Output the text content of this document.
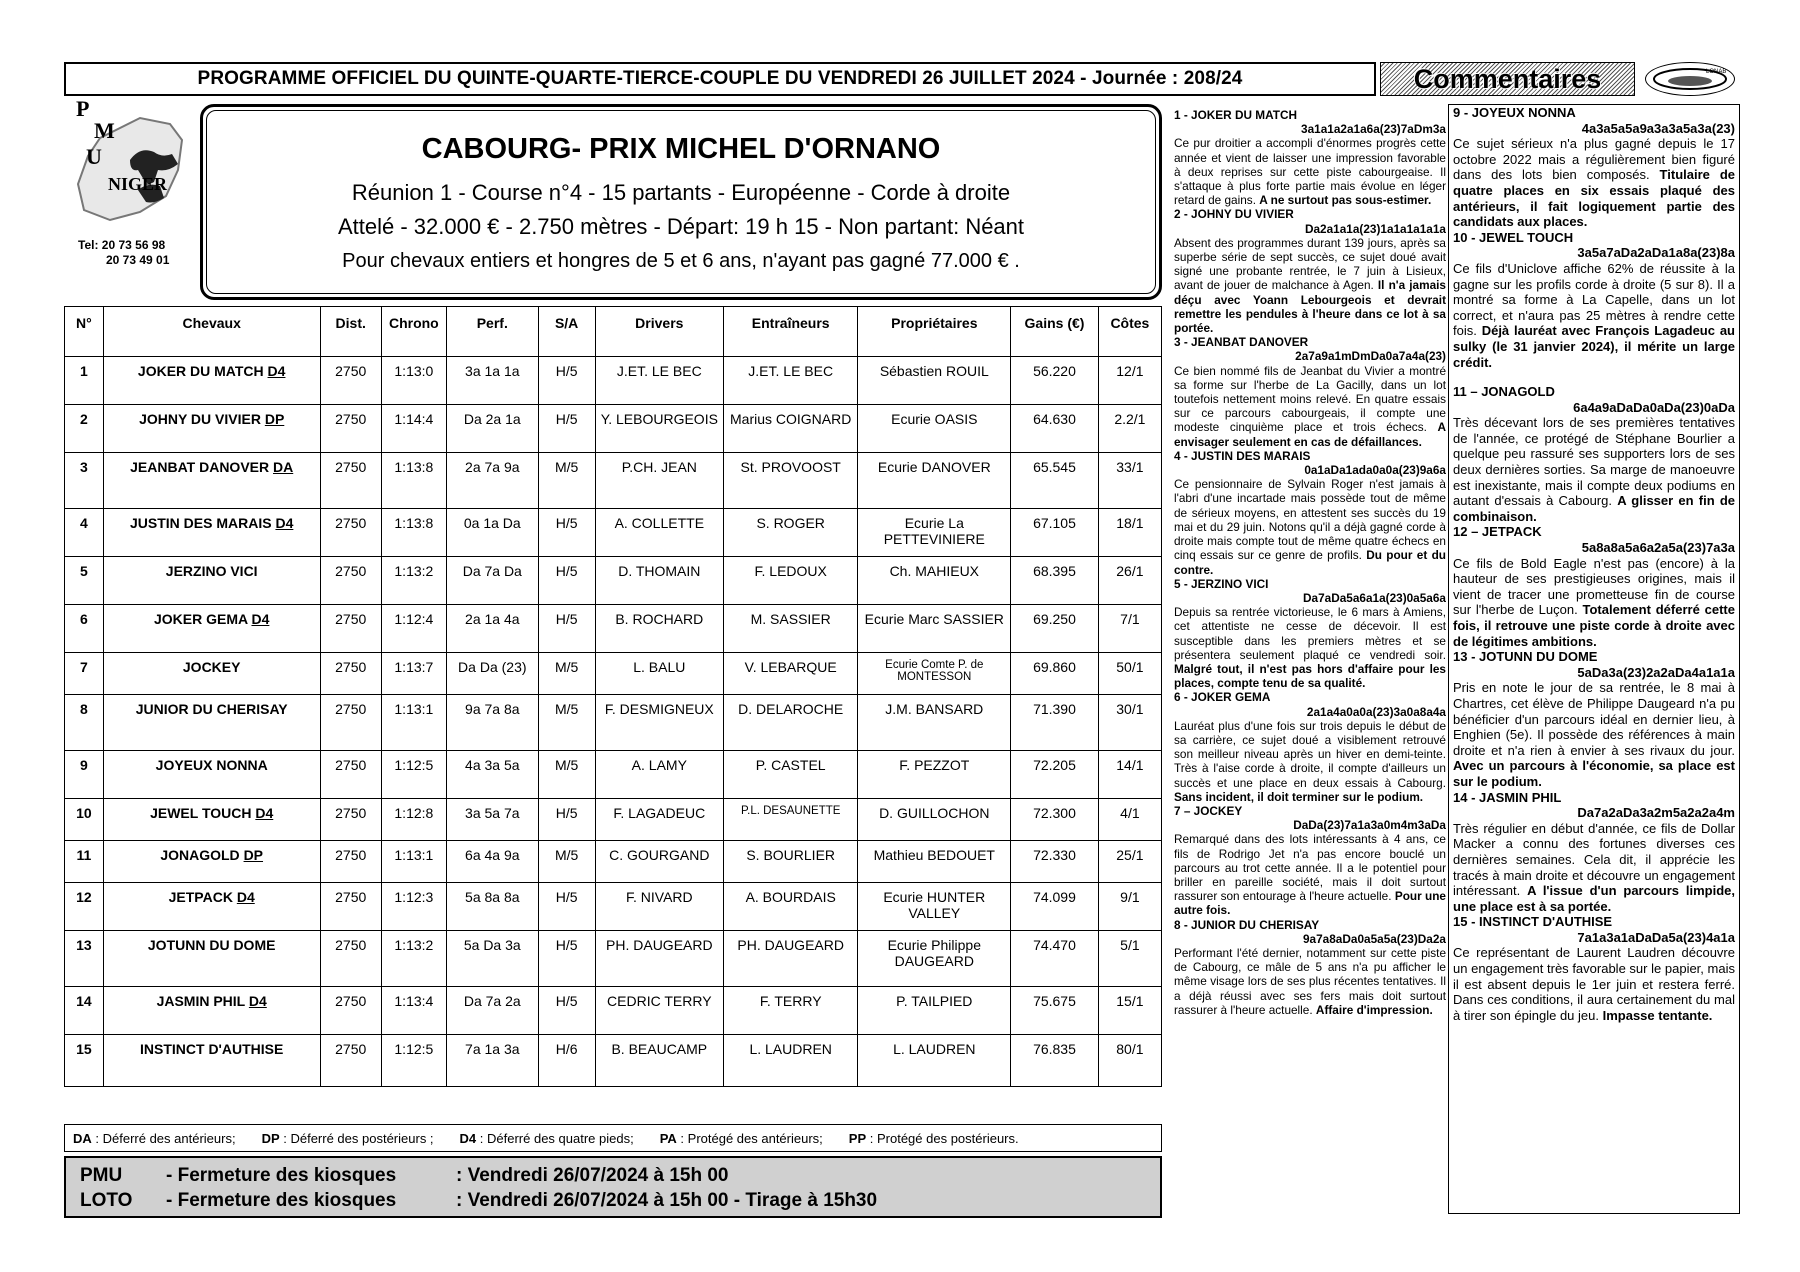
PROGRAMME OFFICIEL DU QUINTE-QUARTE-TIERCE-COUPLE DU VENDREDI 26 JUILLET 2024 - Journée : 208/24	Commentaires	LONAB
P
M
U
NIGER
Tel: 20 73 56 98
20 73 49 01
CABOURG- PRIX MICHEL D'ORNANO
Réunion 1 - Course n°4 - 15 partants - Européenne - Corde à droite
Attelé - 32.000 € - 2.750 mètres - Départ: 19 h 15 - Non partant: Néant
Pour chevaux entiers et hongres de 5 et 6 ans, n'ayant pas gagné 77.000 € .
N°	Chevaux	Dist.	Chrono	Perf.	S/A	Drivers	Entraîneurs	Propriétaires	Gains (€)	Côtes
1	JOKER DU MATCH D4	2750	1:13:0	3a 1a 1a	H/5	J.ET. LE BEC	J.ET. LE BEC	Sébastien ROUIL	56.220	12/1
2	JOHNY DU VIVIER DP	2750	1:14:4	Da 2a 1a	H/5	Y. LEBOURGEOIS	Marius COIGNARD	Ecurie OASIS	64.630	2.2/1
3	JEANBAT DANOVER DA	2750	1:13:8	2a 7a 9a	M/5	P.CH. JEAN	St. PROVOOST	Ecurie DANOVER	65.545	33/1
4	JUSTIN DES MARAIS D4	2750	1:13:8	0a 1a Da	H/5	A. COLLETTE	S. ROGER	Ecurie La PETTEVINIERE	67.105	18/1
5	JERZINO VICI	2750	1:13:2	Da 7a Da	H/5	D. THOMAIN	F. LEDOUX	Ch. MAHIEUX	68.395	26/1
6	JOKER GEMA D4	2750	1:12:4	2a 1a 4a	H/5	B. ROCHARD	M. SASSIER	Ecurie Marc SASSIER	69.250	7/1
7	JOCKEY	2750	1:13:7	Da Da (23)	M/5	L. BALU	V. LEBARQUE	Ecurie Comte P. de MONTESSON	69.860	50/1
8	JUNIOR DU CHERISAY	2750	1:13:1	9a 7a 8a	M/5	F. DESMIGNEUX	D. DELAROCHE	J.M. BANSARD	71.390	30/1
9	JOYEUX NONNA	2750	1:12:5	4a 3a 5a	M/5	A. LAMY	P. CASTEL	F. PEZZOT	72.205	14/1
10	JEWEL TOUCH D4	2750	1:12:8	3a 5a 7a	H/5	F. LAGADEUC	P.L. DESAUNETTE	D. GUILLOCHON	72.300	4/1
11	JONAGOLD DP	2750	1:13:1	6a 4a 9a	M/5	C. GOURGAND	S. BOURLIER	Mathieu BEDOUET	72.330	25/1
12	JETPACK D4	2750	1:12:3	5a 8a 8a	H/5	F. NIVARD	A. BOURDAIS	Ecurie HUNTER VALLEY	74.099	9/1
13	JOTUNN DU DOME	2750	1:13:2	5a Da 3a	H/5	PH. DAUGEARD	PH. DAUGEARD	Ecurie Philippe DAUGEARD	74.470	5/1
14	JASMIN PHIL D4	2750	1:13:4	Da 7a 2a	H/5	CEDRIC TERRY	F. TERRY	P. TAILPIED	75.675	15/1
15	INSTINCT D'AUTHISE	2750	1:12:5	7a 1a 3a	H/6	B. BEAUCAMP	L. LAUDREN	L. LAUDREN	76.835	80/1
DA : Déferré des antérieurs; DP : Déferré des postérieurs ; D4 : Déferré des quatre pieds; PA : Protégé des antérieurs; PP : Protégé des postérieurs.
PMU	- Fermeture des kiosques	: Vendredi 26/07/2024 à 15h 00
LOTO	- Fermeture des kiosques	: Vendredi 26/07/2024 à 15h 00 - Tirage à 15h30
1 - JOKER DU MATCH
3a1a1a2a1a6a(23)7aDm3a
Ce pur droitier a accompli d'énormes progrès cette année et vient de laisser une impression favorable à deux reprises sur cette piste cabourgeaise. Il s'attaque à plus forte partie mais évolue en léger retard de gains. A ne surtout pas sous-estimer.
2 - JOHNY DU VIVIER
Da2a1a1a(23)1a1a1a1a1a
Absent des programmes durant 139 jours, après sa superbe série de sept succès, ce sujet doué avait signé une probante rentrée, le 7 juin à Lisieux, avant de jouer de malchance à Agen. Il n'a jamais déçu avec Yoann Lebourgeois et devrait remettre les pendules à l'heure dans ce lot à sa portée.
3 - JEANBAT DANOVER
2a7a9a1mDmDa0a7a4a(23)
Ce bien nommé fils de Jeanbat du Vivier a montré sa forme sur l'herbe de La Gacilly, dans un lot toutefois nettement moins relevé. En quatre essais sur ce parcours cabourgeais, il compte une modeste cinquième place et trois échecs. A envisager seulement en cas de défaillances.
4 - JUSTIN DES MARAIS
0a1aDa1ada0a0a(23)9a6a
Ce pensionnaire de Sylvain Roger n'est jamais à l'abri d'une incartade mais possède tout de même de sérieux moyens, en attestent ses succès du 19 mai et du 29 juin. Notons qu'il a déjà gagné corde à droite mais compte tout de même quatre échecs en cinq essais sur ce genre de profils. Du pour et du contre.
5 - JERZINO VICI
Da7aDa5a6a1a(23)0a5a6a
Depuis sa rentrée victorieuse, le 6 mars à Amiens, cet attentiste ne cesse de décevoir. Il est susceptible dans les premiers mètres et se présentera seulement plaqué ce vendredi soir. Malgré tout, il n'est pas hors d'affaire pour les places, compte tenu de sa qualité.
6 - JOKER GEMA
2a1a4a0a0a(23)3a0a8a4a
Lauréat plus d'une fois sur trois depuis le début de sa carrière, ce sujet doué a visiblement retrouvé son meilleur niveau après un hiver en demi-teinte. Très à l'aise corde à droite, il compte d'ailleurs un succès et une place en deux essais à Cabourg. Sans incident, il doit terminer sur le podium.
7 – JOCKEY
DaDa(23)7a1a3a0m4m3aDa
Remarqué dans des lots intéressants à 4 ans, ce fils de Rodrigo Jet n'a pas encore bouclé un parcours au trot cette année. Il a le potentiel pour briller en pareille société, mais il doit surtout rassurer son entourage à l'heure actuelle. Pour une autre fois.
8 - JUNIOR DU CHERISAY
9a7a8aDa0a5a5a(23)Da2a
Performant l'été dernier, notamment sur cette piste de Cabourg, ce mâle de 5 ans n'a pu afficher le même visage lors de ses plus récentes tentatives. Il a déjà réussi avec ses fers mais doit surtout rassurer à l'heure actuelle. Affaire d'impression.
9 - JOYEUX NONNA
4a3a5a5a9a3a3a5a3a(23)
Ce sujet sérieux n'a plus gagné depuis le 17 octobre 2022 mais a régulièrement bien figuré dans des lots bien composés. Titulaire de quatre places en six essais plaqué des antérieurs, il fait logiquement partie des candidats aux places.
10 - JEWEL TOUCH
3a5a7aDa2aDa1a8a(23)8a
Ce fils d'Uniclove affiche 62% de réussite à la gagne sur les profils corde à droite (5 sur 8). Il a montré sa forme à La Capelle, dans un lot correct, et n'aura pas 25 mètres à rendre cette fois. Déjà lauréat avec François Lagadeuc au sulky (le 31 janvier 2024), il mérite un large crédit.
11 – JONAGOLD
6a4a9aDaDa0aDa(23)0aDa
Très décevant lors de ses premières tentatives de l'année, ce protégé de Stéphane Bourlier a quelque peu rassuré ses supporters lors de ses deux dernières sorties. Sa marge de manoeuvre est inexistante, mais il compte deux podiums en autant d'essais à Cabourg. A glisser en fin de combinaison.
12 – JETPACK
5a8a8a5a6a2a5a(23)7a3a
Ce fils de Bold Eagle n'est pas (encore) à la hauteur de ses prestigieuses origines, mais il vient de tracer une prometteuse fin de course sur l'herbe de Luçon. Totalement déferré cette fois, il retrouve une piste corde à droite avec de légitimes ambitions.
13 - JOTUNN DU DOME
5aDa3a(23)2a2aDa4a1a1a
Pris en note le jour de sa rentrée, le 8 mai à Chartres, cet élève de Philippe Daugeard n'a pu bénéficier d'un parcours idéal en dernier lieu, à Enghien (5e). Il possède des références à main droite et n'a rien à envier à ses rivaux du jour. Avec un parcours à l'économie, sa place est sur le podium.
14 - JASMIN PHIL
Da7a2aDa3a2m5a2a2a4m
Très régulier en début d'année, ce fils de Dollar Macker a connu des fortunes diverses ces dernières semaines. Cela dit, il apprécie les tracés à main droite et découvre un engagement intéressant. A l'issue d'un parcours limpide, une place est à sa portée.
15 - INSTINCT D'AUTHISE
7a1a3a1aDaDa5a(23)4a1a
Ce représentant de Laurent Laudren découvre un engagement très favorable sur le papier, mais il est absent depuis le 1er juin et restera ferré. Dans ces conditions, il aura certainement du mal à tirer son épingle du jeu. Impasse tentante.
